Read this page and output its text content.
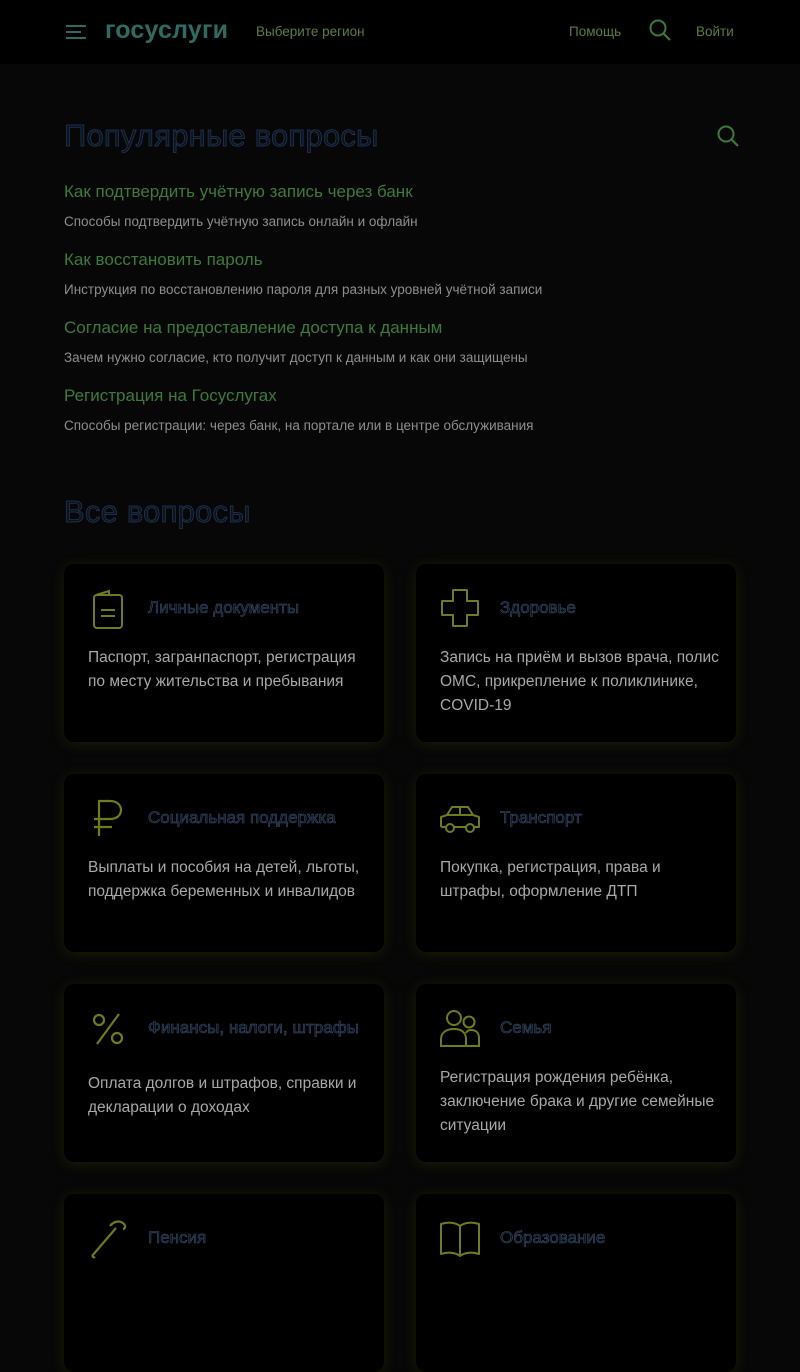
госуслуги Выберите регион	Помощь	Войти
Популярные вопросы
Как подтвердить учётную запись через банк
Способы подтвердить учётную запись онлайн и офлайн
Как восстановить пароль
Инструкция по восстановлению пароля для разных уровней учётной записи
Согласие на предоставление доступа к данным
Зачем нужно согласие, кто получит доступ к данным и как они защищены
Регистрация на Госуслугах
Способы регистрации: через банк, на портале или в центре обслуживания
Все вопросы
Личные документы
Паспорт, загранпаспорт, регистрация по месту жительства и пребывания
Здоровье
Запись на приём и вызов врача, полис ОМС, прикрепление к поликлинике, COVID-19
Социальная поддержка
Выплаты и пособия на детей, льготы, поддержка беременных и инвалидов
Транспорт
Покупка, регистрация, права и штрафы, оформление ДТП
Финансы, налоги, штрафы
Оплата долгов и штрафов, справки и декларации о доходах
Семья
Регистрация рождения ребёнка, заключение брака и другие семейные ситуации
Пенсия	Образование
